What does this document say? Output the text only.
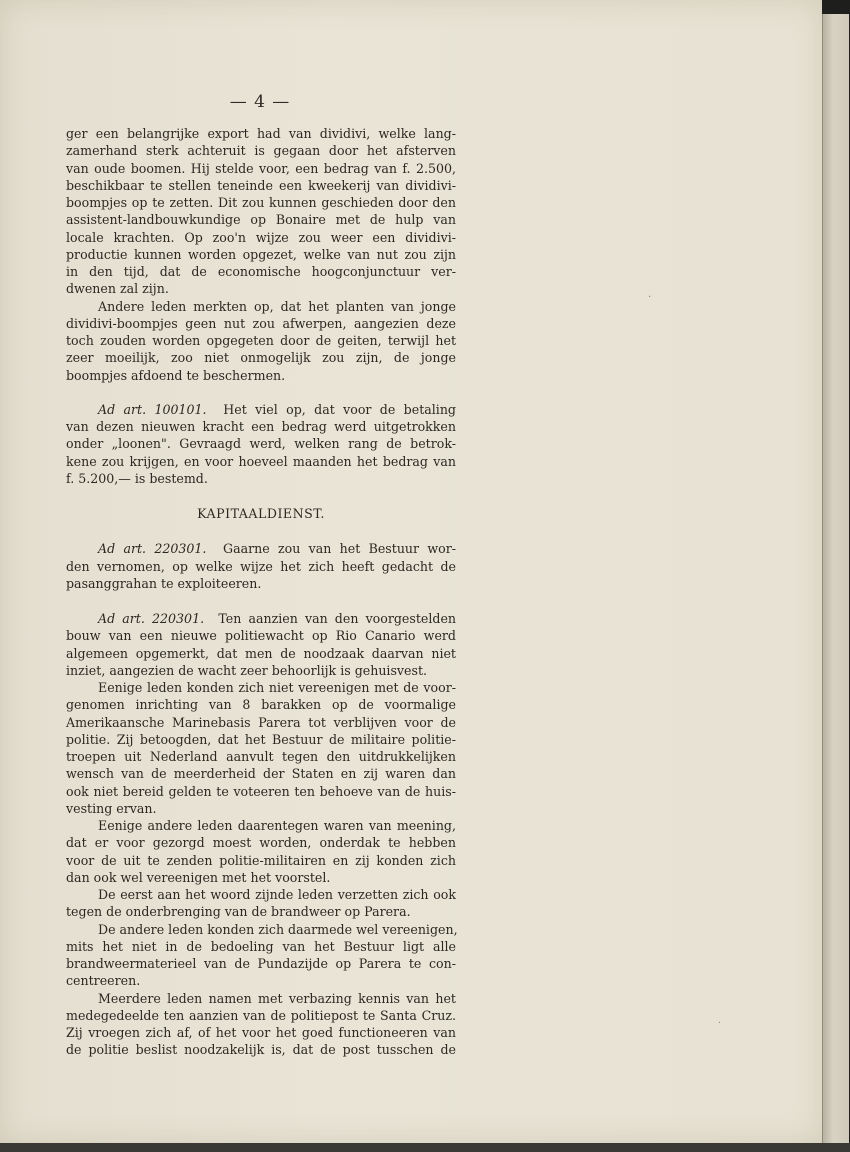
— 4 —
ger een belangrijke export had van dividivi, welke lang-
zamerhand sterk achteruit is gegaan door het afsterven
van oude boomen. Hij stelde voor, een bedrag van f. 2.500,
beschikbaar te stellen teneinde een kweekerij van dividivi-
boompjes op te zetten. Dit zou kunnen geschieden door den
assistent-landbouwkundige op Bonaire met de hulp van
locale krachten. Op zoo'n wijze zou weer een dividivi-
productie kunnen worden opgezet, welke van nut zou zijn
in den tijd, dat de economische hoogconjunctuur ver-
dwenen zal zijn.
Andere leden merkten op, dat het planten van jonge
dividivi-boompjes geen nut zou afwerpen, aangezien deze
toch zouden worden opgegeten door de geiten, terwijl het
zeer moeilijk, zoo niet onmogelijk zou zijn, de jonge
boompjes afdoend te beschermen.
Ad art. 100101. Het viel op, dat voor de betaling
van dezen nieuwen kracht een bedrag werd uitgetrokken
onder „loonen". Gevraagd werd, welken rang de betrok-
kene zou krijgen, en voor hoeveel maanden het bedrag van
f. 5.200,— is bestemd.
KAPITAALDIENST.
Ad art. 220301. Gaarne zou van het Bestuur wor-
den vernomen, op welke wijze het zich heeft gedacht de
pasanggrahan te exploiteeren.
Ad art. 220301. Ten aanzien van den voorgestelden
bouw van een nieuwe politiewacht op Rio Canario werd
algemeen opgemerkt, dat men de noodzaak daarvan niet
inziet, aangezien de wacht zeer behoorlijk is gehuisvest.
Eenige leden konden zich niet vereenigen met de voor-
genomen inrichting van 8 barakken op de voormalige
Amerikaansche Marinebasis Parera tot verblijven voor de
politie. Zij betoogden, dat het Bestuur de militaire politie-
troepen uit Nederland aanvult tegen den uitdrukkelijken
wensch van de meerderheid der Staten en zij waren dan
ook niet bereid gelden te voteeren ten behoeve van de huis-
vesting ervan.
Eenige andere leden daarentegen waren van meening,
dat er voor gezorgd moest worden, onderdak te hebben
voor de uit te zenden politie-militairen en zij konden zich
dan ook wel vereenigen met het voorstel.
De eerst aan het woord zijnde leden verzetten zich ook
tegen de onderbrenging van de brandweer op Parera.
De andere leden konden zich daarmede wel vereenigen,
mits het niet in de bedoeling van het Bestuur ligt alle
brandweermaterieel van de Pundazijde op Parera te con-
centreeren.
Meerdere leden namen met verbazing kennis van het
medegedeelde ten aanzien van de politiepost te Santa Cruz.
Zij vroegen zich af, of het voor het goed functioneeren van
de politie beslist noodzakelijk is, dat de post tusschen de
·
·
